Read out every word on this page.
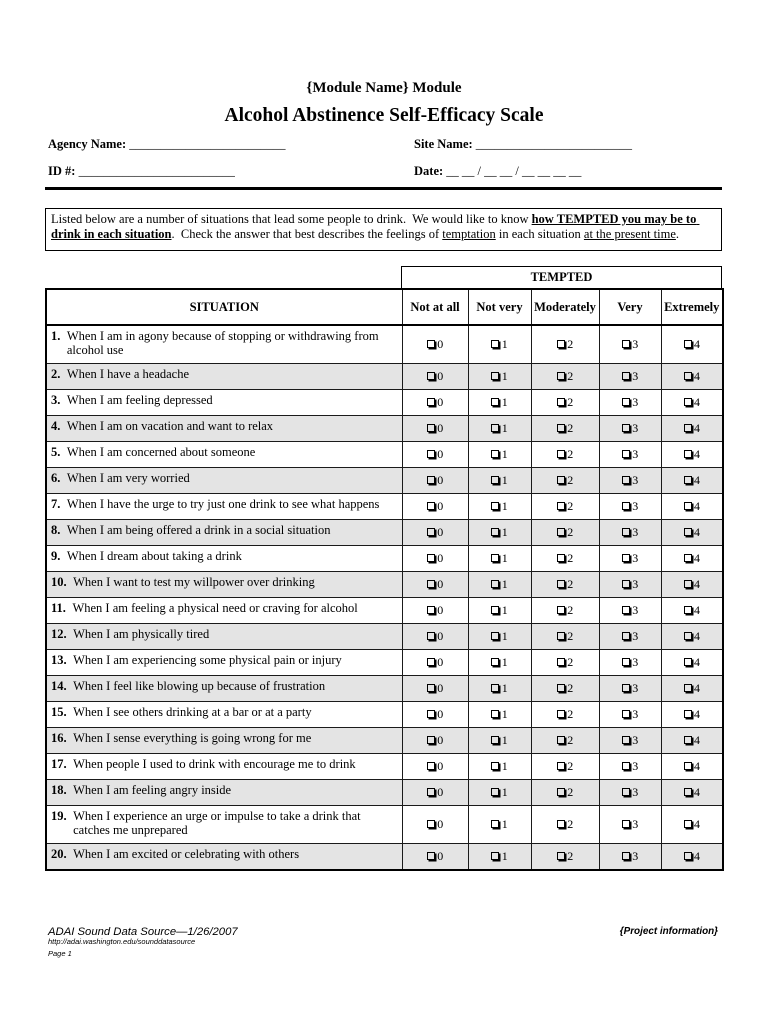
{Module Name} Module
Alcohol Abstinence Self-Efficacy Scale
Agency Name: _________________________	Site Name: _________________________
ID #: _________________________	Date: __ __ / __ __ / __ __ __ __
Listed below are a number of situations that lead some people to drink.  We would like to know how TEMPTED you may be to drink in each situation.  Check the answer that best describes the feelings of temptation in each situation at the present time.
TEMPTED
SITUATION	Not at all	Not very	Moderately	Very	Extremely

1. When I am in agony because of stopping or withdrawing from alcohol use	0	1	2	3	4

2. When I have a headache	0	1	2	3	4

3. When I am feeling depressed	0	1	2	3	4

4. When I am on vacation and want to relax	0	1	2	3	4

5. When I am concerned about someone	0	1	2	3	4

6. When I am very worried	0	1	2	3	4

7. When I have the urge to try just one drink to see what happens	0	1	2	3	4

8. When I am being offered a drink in a social situation	0	1	2	3	4

9. When I dream about taking a drink	0	1	2	3	4

10. When I want to test my willpower over drinking	0	1	2	3	4

11. When I am feeling a physical need or craving for alcohol	0	1	2	3	4

12. When I am physically tired	0	1	2	3	4

13. When I am experiencing some physical pain or injury	0	1	2	3	4

14. When I feel like blowing up because of frustration	0	1	2	3	4

15. When I see others drinking at a bar or at a party	0	1	2	3	4

16. When I sense everything is going wrong for me	0	1	2	3	4

17. When people I used to drink with encourage me to drink	0	1	2	3	4

18. When I am feeling angry inside	0	1	2	3	4

19. When I experience an urge or impulse to take a drink that catches me unprepared	0	1	2	3	4

20. When I am excited or celebrating with others	0	1	2	3	4
ADAI Sound Data Source—1/26/2007
http://adai.washington.edu/sounddatasource
Page 1
{Project information}
